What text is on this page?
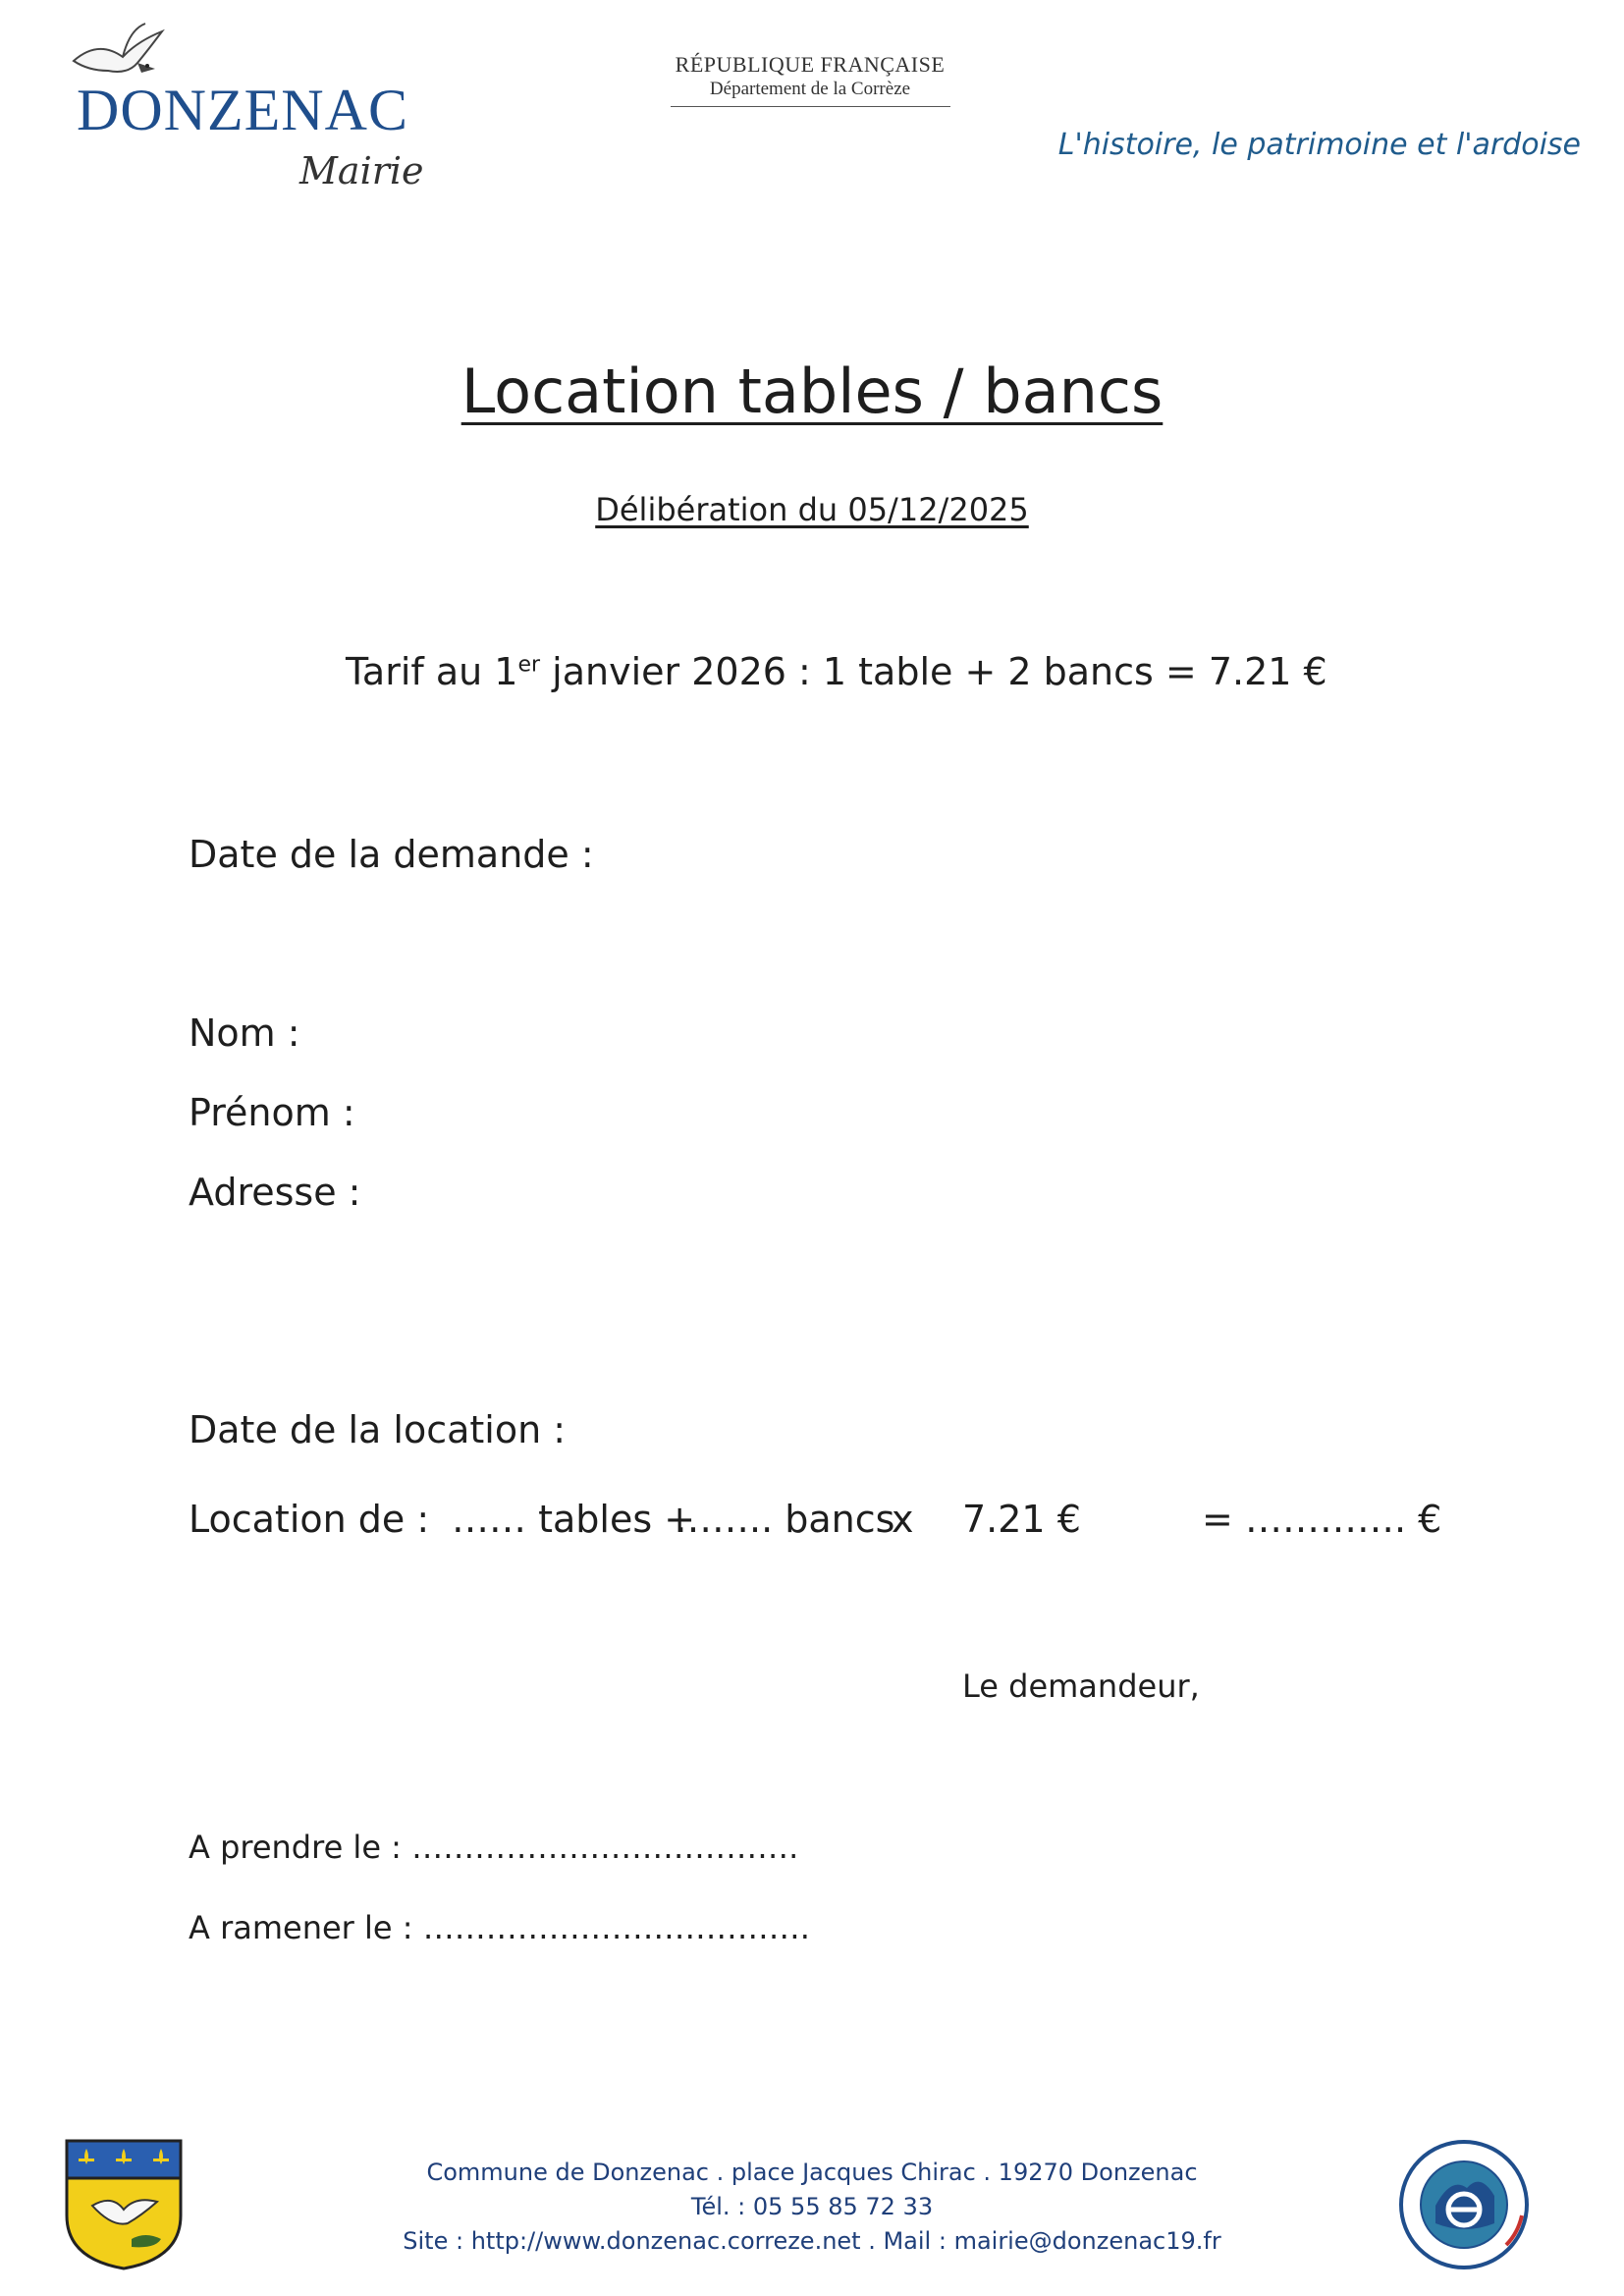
DONZENAC
Mairie
RÉPUBLIQUE FRANÇAISE
Département de la Corrèze
L'histoire, le patrimoine et l'ardoise
Location tables / bancs
Délibération du 05/12/2025
Tarif au 1er janvier 2026 : 1 table + 2 bancs = 7.21 €
Date de la demande :
Nom :
Prénom :
Adresse :
Date de la location :
Location de : …… tables +
…….. bancs
x 7.21 €	= …………. €
Le demandeur,
A prendre le : ……………………………….
A ramener le : ……………………………….
Commune de Donzenac . place Jacques Chirac . 19270 Donzenac
Tél. : 05 55 85 72 33
Site : http://www.donzenac.correze.net . Mail : mairie@donzenac19.fr
